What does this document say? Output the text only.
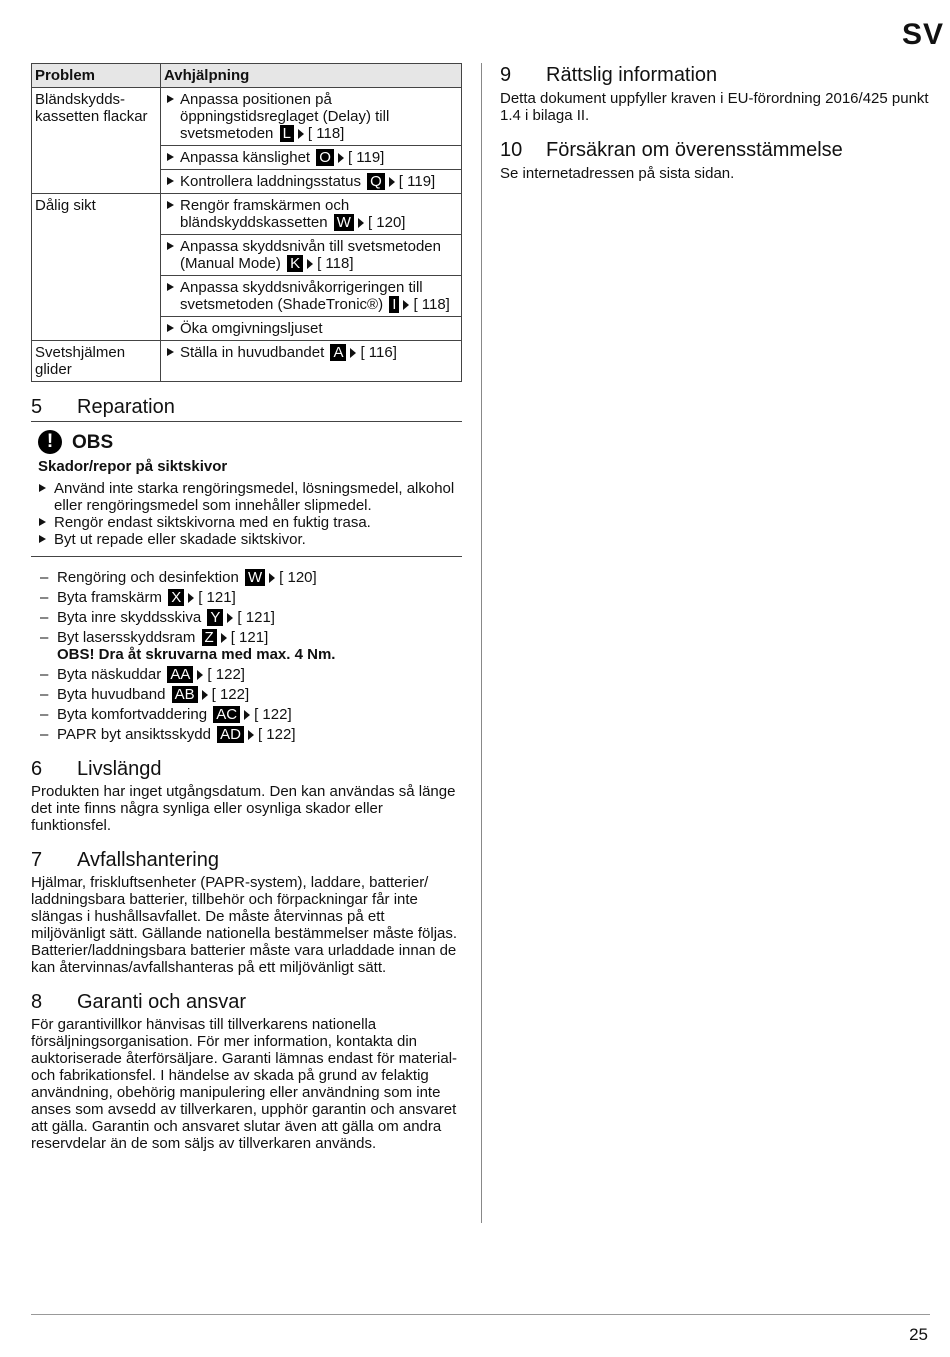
SV
Problem	Avhjälpning
Bländskydds-
kassetten flackar	Anpassa positionen på öppningstidsreglaget (Delay) till svetsmetoden L [ 118]

Anpassa känslighet O [ 119]

Kontrollera laddningsstatus Q [ 119]

Dålig sikt	Rengör framskärmen och bländskyddskassetten W [ 120]

Anpassa skyddsnivån till svetsmetoden (Manual Mode) K [ 118]

Anpassa skyddsnivåkorrigeringen till svetsmetoden (ShadeTronic®) I [ 118]

Öka omgivningsljuset

Svetshjälmen glider	Ställa in huvudbandet A [ 116]
5 Reparation
! OBS
Skador/repor på siktskivor
Använd inte starka rengöringsmedel, lösningsmedel, alkohol eller rengöringsmedel som innehåller slipmedel.
Rengör endast siktskivorna med en fuktig trasa.
Byt ut repade eller skadade siktskivor.
– Rengöring och desinfektion W [ 120]
– Byta framskärm X [ 121]
– Byta inre skyddsskiva Y [ 121]
– Byt lasersskyddsram Z [ 121]
OBS! Dra åt skruvarna med max. 4 Nm.
– Byta näskuddar AA [ 122]
– Byta huvudband AB [ 122]
– Byta komfortvaddering AC [ 122]
– PAPR byt ansiktsskydd AD [ 122]
6 Livslängd

Produkten har inget utgångsdatum. Den kan användas så länge det inte finns några synliga eller osynliga skador eller funktionsfel.

7 Avfallshantering

Hjälmar, friskluftsenheter (PAPR-system), laddare, batterier/ laddningsbara batterier, tillbehör och förpackningar får inte slängas i hushållsavfallet. De måste återvinnas på ett miljövänligt sätt. Gällande nationella bestämmelser måste följas. Batterier/laddningsbara batterier måste vara urladdade innan de kan återvinnas/avfallshanteras på ett miljövänligt sätt.

8 Garanti och ansvar

För garantivillkor hänvisas till tillverkarens nationella försäljningsorganisation. För mer information, kontakta din auktoriserade återförsäljare. Garanti lämnas endast för material- och fabrikationsfel. I händelse av skada på grund av felaktig användning, obehörig manipulering eller användning som inte anses som avsedd av tillverkaren, upphör garantin och ansvaret att gälla. Garantin och ansvaret slutar även att gälla om andra reservdelar än de som säljs av tillverkaren används.

9 Rättslig information

Detta dokument uppfyller kraven i EU-förordning 2016/425 punkt 1.4 i bilaga II.

10 Försäkran om överensstämmelse

Se internetadressen på sista sidan.

25
